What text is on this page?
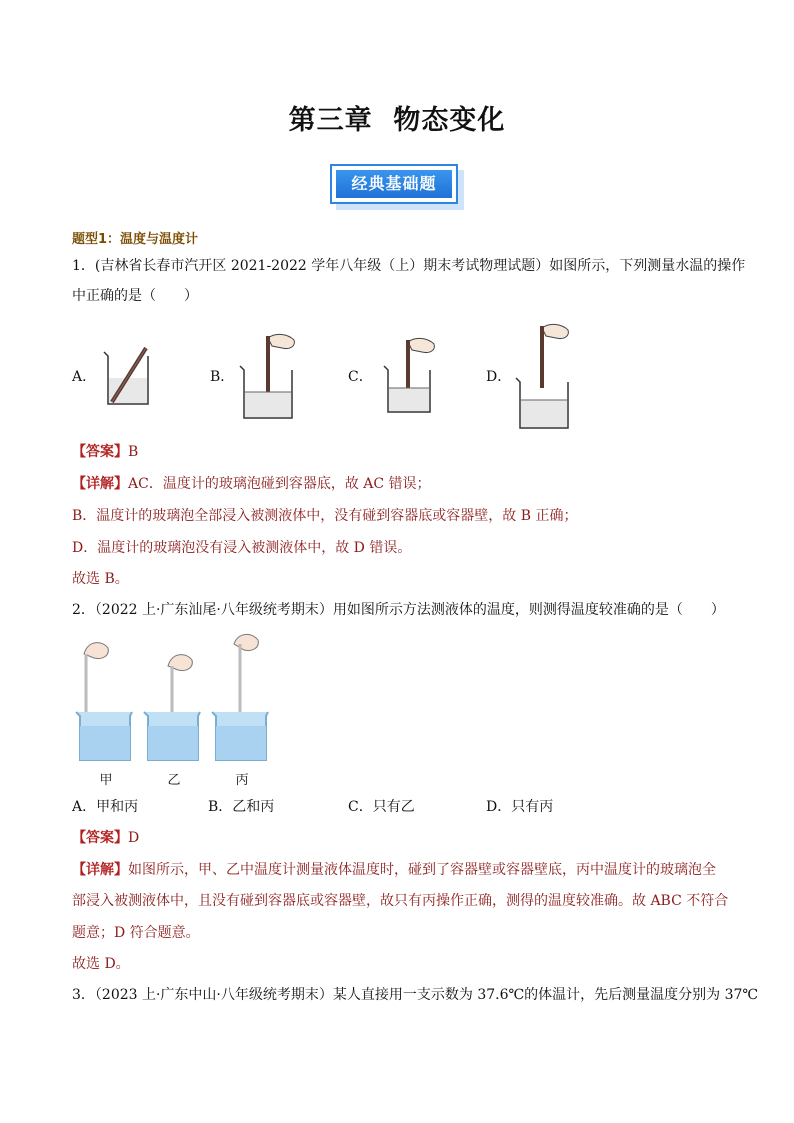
第三章  物态变化
经典基础题
题型1：温度与温度计
1．(吉林省长春市汽开区 2021-2022 学年八年级（上）期末考试物理试题）如图所示，下列测量水温的操作
中正确的是（　　）
A．	B．	C．	D．
【答案】B
【详解】AC．温度计的玻璃泡碰到容器底，故 AC 错误；
B．温度计的玻璃泡全部浸入被测液体中，没有碰到容器底或容器壁，故 B 正确；
D．温度计的玻璃泡没有浸入被测液体中，故 D 错误。
故选 B。
2．（2022 上·广东汕尾·八年级统考期末）用如图所示方法测液体的温度，则测得温度较准确的是（　　）
甲	乙	丙
A．甲和丙	B．乙和丙	C．只有乙	D．只有丙
【答案】D
【详解】如图所示，甲、乙中温度计测量液体温度时，碰到了容器壁或容器壁底，丙中温度计的玻璃泡全
部浸入被测液体中，且没有碰到容器底或容器壁，故只有丙操作正确，测得的温度较准确。故 ABC 不符合
题意；D 符合题意。
故选 D。
3．（2023 上·广东中山·八年级统考期末）某人直接用一支示数为 37.6℃的体温计，先后测量温度分别为 37℃
